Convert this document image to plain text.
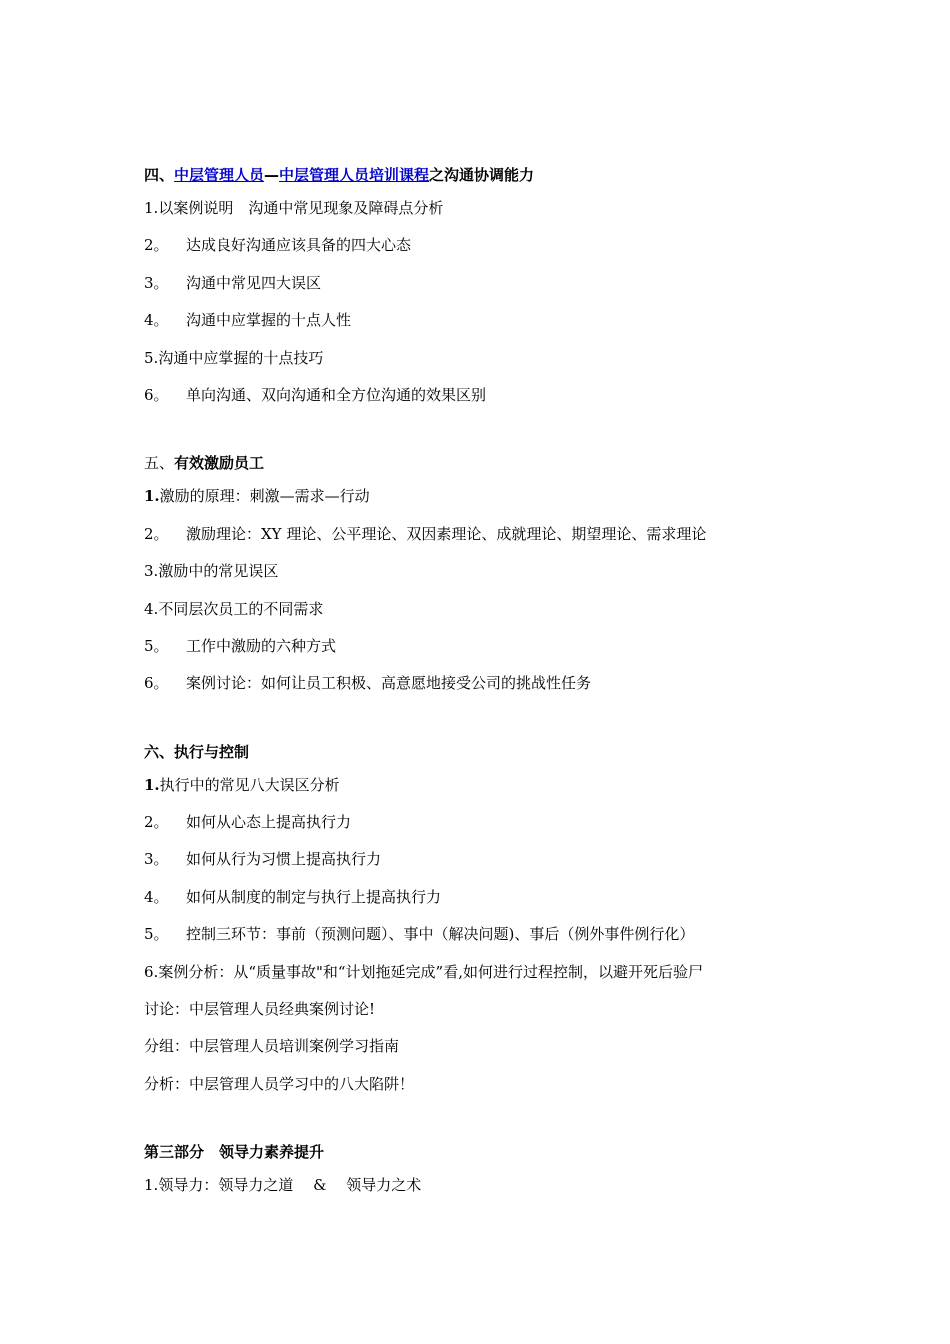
四、中层管理人员—中层管理人员培训课程之沟通协调能力
1.以案例说明　沟通中常见现象及障碍点分析
2。 达成良好沟通应该具备的四大心态
3。 沟通中常见四大误区
4。 沟通中应掌握的十点人性
5.沟通中应掌握的十点技巧
6。 单向沟通、双向沟通和全方位沟通的效果区别
五、有效激励员工
1.激励的原理：刺激—需求—行动
2。 激励理论：XY 理论、公平理论、双因素理论、成就理论、期望理论、需求理论
3.激励中的常见误区
4.不同层次员工的不同需求
5。 工作中激励的六种方式
6。 案例讨论：如何让员工积极、高意愿地接受公司的挑战性任务
六、执行与控制
1.执行中的常见八大误区分析
2。 如何从心态上提高执行力
3。 如何从行为习惯上提高执行力
4。 如何从制度的制定与执行上提高执行力
5。 控制三环节：事前（预测问题）、事中（解决问题)、事后（例外事件例行化）
6.案例分析：从“质量事故"和“计划拖延完成”看,如何进行过程控制，以避开死后验尸
讨论：中层管理人员经典案例讨论!
分组：中层管理人员培训案例学习指南
分析：中层管理人员学习中的八大陷阱！
第三部分　领导力素养提升
1.领导力：领导力之道　 &　 领导力之术
